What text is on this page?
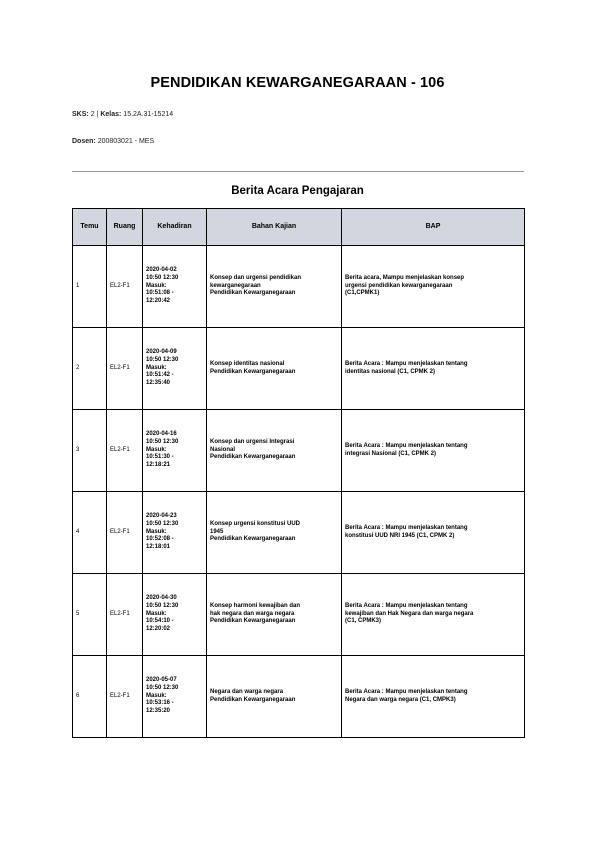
PENDIDIKAN KEWARGANEGARAAN - 106

SKS: 2 | Kelas: 15.2A.31-15214

Dosen: 200803021 - MES

Berita Acara Pengajaran
Temu	Ruang	Kehadiran	Bahan Kajian	BAP
1	EL2-F1	2020-04-02
10:50 12:30
Masuk:
10:51:08 -
12:20:42	Konsep dan urgensi pendidikan
kewarganegaraan
Pendidikan Kewarganegaraan	Berita acara, Mampu menjelaskan konsep
urgensi pendidikan kewarganegaraan
(C1,CPMK1)

2	EL2-F1	2020-04-09
10:50 12:30
Masuk:
10:51:42 -
12:35:40	Konsep identitas nasional
Pendidikan Kewarganegaraan	Berita Acara : Mampu menjelaskan tentang
identitas nasional (C1, CPMK 2)

3	EL2-F1	2020-04-16
10:50 12:30
Masuk:
10:51:30 -
12:18:21	Konsep dan urgensi Integrasi
Nasional
Pendidikan Kewarganegaraan	Berita Acara : Mampu menjelaskan tentang
integrasi Nasional (C1, CPMK 2)

4	EL2-F1	2020-04-23
10:50 12:30
Masuk:
10:52:08 -
12:18:01	Konsep urgensi konstitusi UUD
1945
Pendidikan Kewarganegaraan	Berita Acara : Mampu menjelaskan tentang
konstitusi UUD NRI 1945 (C1, CPMK 2)

5	EL2-F1	2020-04-30
10:50 12:30
Masuk:
10:54:10 -
12:20:02	Konsep harmoni kewajiban dan
hak negara dan warga negara
Pendidikan Kewarganegaraan	Berita Acara : Mampu menjelaskan tentang
kewajiban dan Hak Negara dan warga negara
(C1, CPMK3)

6	EL2-F1	2020-05-07
10:50 12:30
Masuk:
10:53:16 -
12:35:20	Negara dan warga negara
Pendidikan Kewarganegaraan	Berita Acara : Mampu menjelaskan tentang
Negara dan warga negara (C1, CMPK3)
